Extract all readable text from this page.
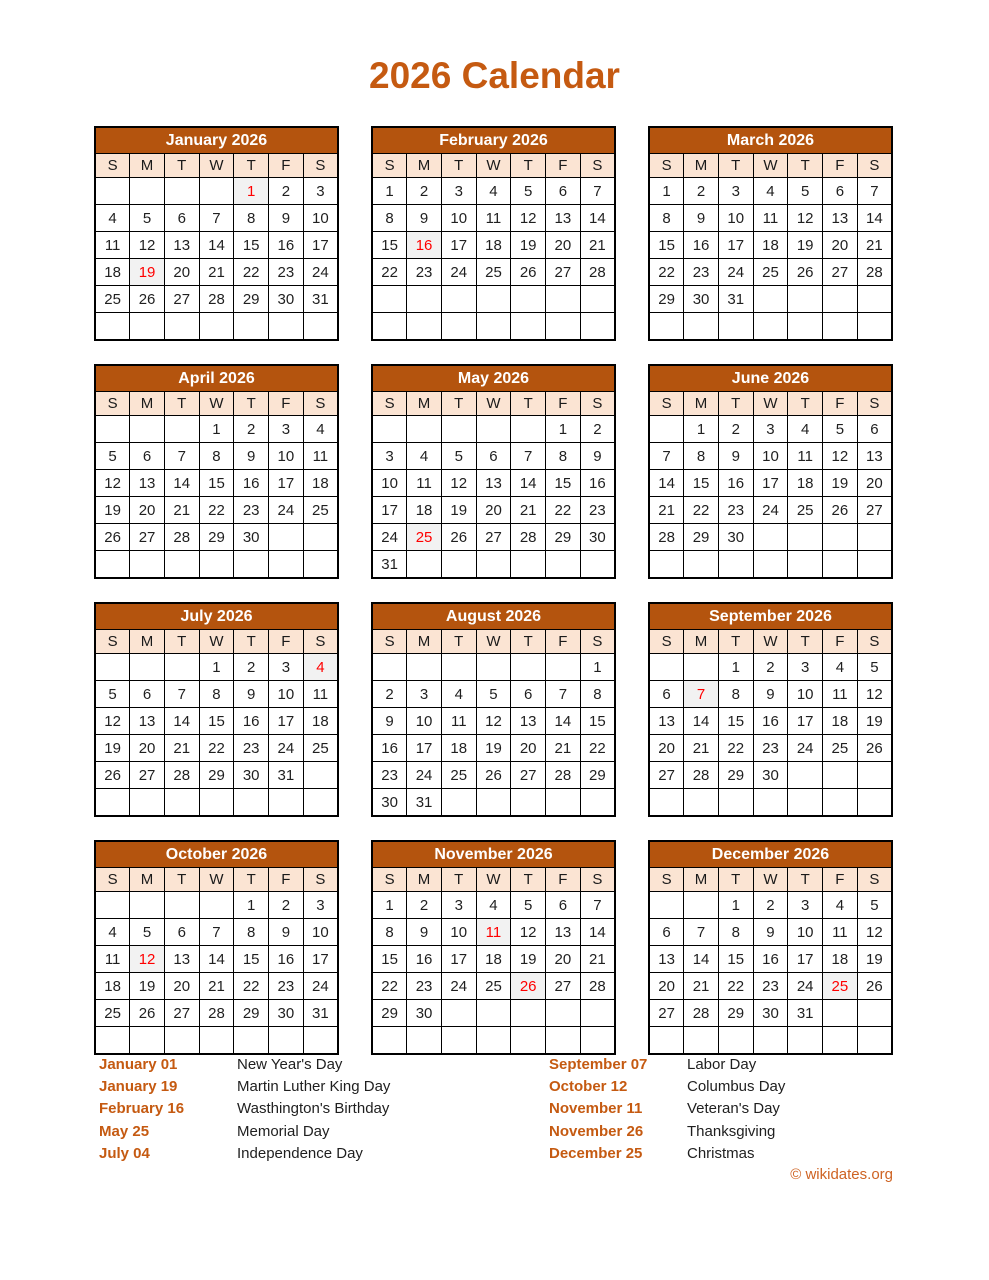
2026 Calendar
January 2026						
S	M	T	W	T	F	S
				1	2	3
4	5	6	7	8	9	10
11	12	13	14	15	16	17
18	19	20	21	22	23	24
25	26	27	28	29	30	31

February 2026						
S	M	T	W	T	F	S
1	2	3	4	5	6	7
8	9	10	11	12	13	14
15	16	17	18	19	20	21
22	23	24	25	26	27	28

March 2026						
S	M	T	W	T	F	S
1	2	3	4	5	6	7
8	9	10	11	12	13	14
15	16	17	18	19	20	21
22	23	24	25	26	27	28
29	30	31				

April 2026						
S	M	T	W	T	F	S
			1	2	3	4
5	6	7	8	9	10	11
12	13	14	15	16	17	18
19	20	21	22	23	24	25
26	27	28	29	30		

May 2026						
S	M	T	W	T	F	S
					1	2
3	4	5	6	7	8	9
10	11	12	13	14	15	16
17	18	19	20	21	22	23
24	25	26	27	28	29	30
31						
June 2026						
S	M	T	W	T	F	S
	1	2	3	4	5	6
7	8	9	10	11	12	13
14	15	16	17	18	19	20
21	22	23	24	25	26	27
28	29	30				

July 2026						
S	M	T	W	T	F	S
			1	2	3	4
5	6	7	8	9	10	11
12	13	14	15	16	17	18
19	20	21	22	23	24	25
26	27	28	29	30	31	

August 2026						
S	M	T	W	T	F	S
						1
2	3	4	5	6	7	8
9	10	11	12	13	14	15
16	17	18	19	20	21	22
23	24	25	26	27	28	29
30	31					
September 2026						
S	M	T	W	T	F	S
		1	2	3	4	5
6	7	8	9	10	11	12
13	14	15	16	17	18	19
20	21	22	23	24	25	26
27	28	29	30			

October 2026						
S	M	T	W	T	F	S
				1	2	3
4	5	6	7	8	9	10
11	12	13	14	15	16	17
18	19	20	21	22	23	24
25	26	27	28	29	30	31

November 2026						
S	M	T	W	T	F	S
1	2	3	4	5	6	7
8	9	10	11	12	13	14
15	16	17	18	19	20	21
22	23	24	25	26	27	28
29	30					

December 2026						
S	M	T	W	T	F	S
		1	2	3	4	5
6	7	8	9	10	11	12
13	14	15	16	17	18	19
20	21	22	23	24	25	26
27	28	29	30	31		

January 01	New Year's Day
January 19	Martin Luther King Day
February 16	Wasthington's Birthday
May 25	Memorial Day
July 04	Independence Day
September 07	Labor Day
October 12	Columbus Day
November 11	Veteran's Day
November 26	Thanksgiving
December 25	Christmas
© wikidates.org
